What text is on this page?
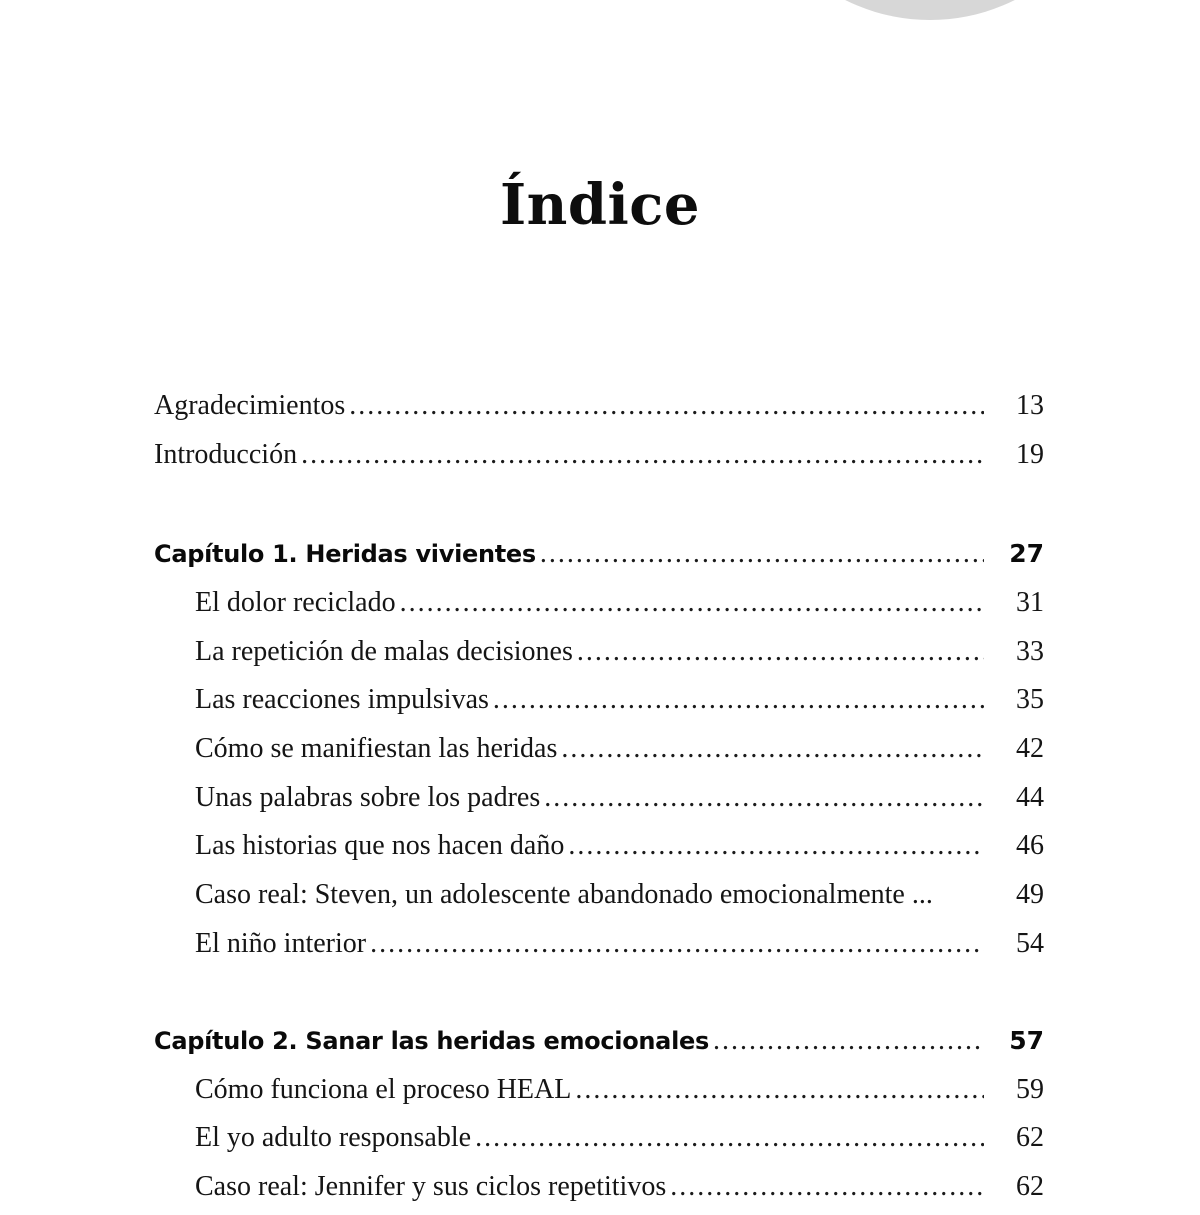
Índice
Agradecimientos .....	13
Introducción .....	19
Capítulo 1. Heridas vivientes .....	27
El dolor reciclado .....	31
La repetición de malas decisiones .....	33
Las reacciones impulsivas .....	35
Cómo se manifiestan las heridas .....	42
Unas palabras sobre los padres .....	44
Las historias que nos hacen daño .....	46
Caso real: Steven, un adolescente abandonado emocionalmente ...	49
El niño interior .....	54
Capítulo 2. Sanar las heridas emocionales .....	57
Cómo funciona el proceso HEAL .....	59
El yo adulto responsable .....	62
Caso real: Jennifer y sus ciclos repetitivos .....	62
